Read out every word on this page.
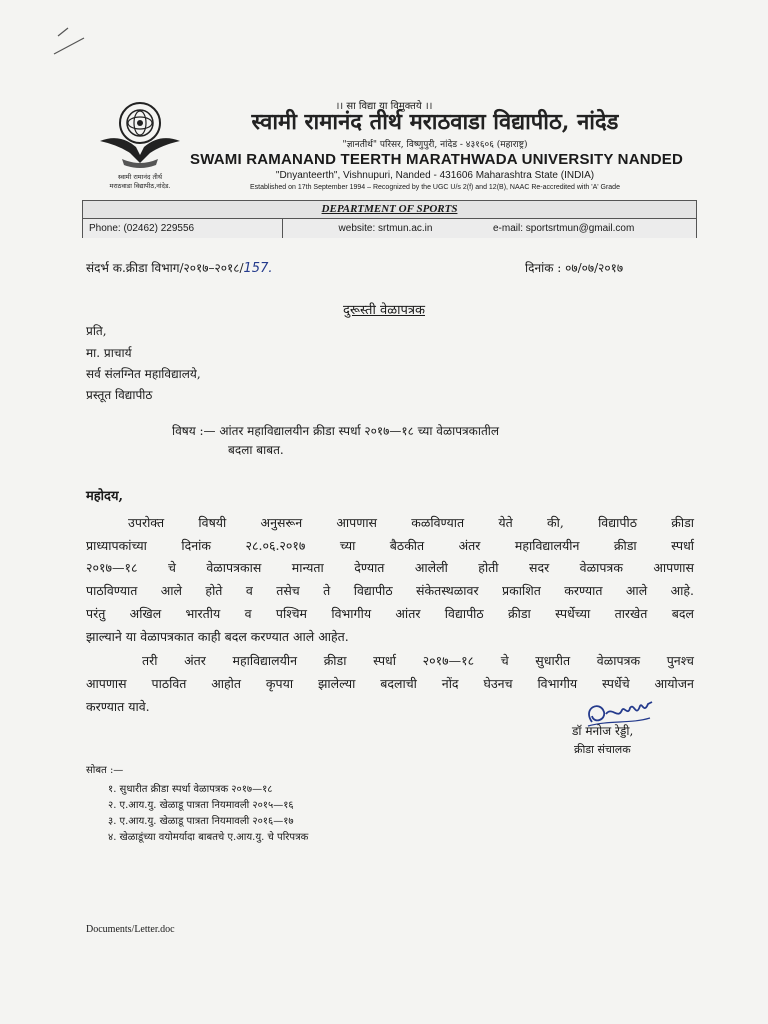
।। सा विद्या या विमुक्तये ।।
स्वामी रामानंद तीर्थ
मराठवाडा विद्यापीठ,नांदेड.
स्वामी रामानंद तीर्थ मराठवाडा विद्यापीठ, नांदेड
"ज्ञानतीर्थ" परिसर, विष्णुपुरी, नांदेड - ४३१६०६ (महाराष्ट्र)
SWAMI RAMANAND TEERTH MARATHWADA UNIVERSITY NANDED
"Dnyanteerth", Vishnupuri, Nanded - 431606 Maharashtra State (INDIA)
Established on 17th September 1994 – Recognized by the UGC U/s 2(f) and 12(B), NAAC Re-accredited with 'A' Grade
DEPARTMENT OF SPORTS
Phone: (02462) 229556	website: srtmun.ac.in	e-mail: sportsrtmun@gmail.com
संदर्भ क.क्रीडा विभाग/२०१७–२०१८/157.	दिनांक : ०७/०७/२०१७
दुरूस्ती वेळापत्रक
प्रति,
मा. प्राचार्य
सर्व संलग्नित महाविद्यालये,
प्रस्तूत विद्यापीठ
विषय :— आंतर महाविद्यालयीन क्रीडा स्पर्धा २०१७—१८ च्या वेळापत्रकातील
बदला बाबत.
महोदय,
उपरोक्त विषयी अनुसरून आपणास कळविण्यात येते की, विद्यापीठ क्रीडा
प्राध्यापकांच्या दिनांक २८.०६.२०१७ च्या बैठकीत अंतर महाविद्यालयीन क्रीडा स्पर्धा
२०१७—१८ चे वेळापत्रकास मान्यता देण्यात आलेली होती सदर वेळापत्रक आपणास
पाठविण्यात आले होते व तसेच ते विद्यापीठ संकेतस्थळावर प्रकाशित करण्यात आले आहे.
परंतु अखिल भारतीय व पश्चिम विभागीय आंतर विद्यापीठ क्रीडा स्पर्धेच्या तारखेत बदल
झाल्याने या वेळापत्रकात काही बदल करण्यात आले आहेत.
तरी अंतर महाविद्यालयीन क्रीडा स्पर्धा २०१७—१८ चे सुधारीत वेळापत्रक पुनश्च
आपणास पाठवित आहोत कृपया झालेल्या बदलाची नोंद घेउनच विभागीय स्पर्धेचे आयोजन
करण्यात यावे.
डॉ मनोज रेड्डी,
क्रीडा संचालक
सोबत :—
१. सुधारीत क्रीडा स्पर्धा वेळापत्रक २०१७—१८
२. ए.आय.यु. खेळाडू पात्रता नियमावली २०१५—१६
३. ए.आय.यु. खेळाडू पात्रता नियमावली २०१६—१७
४. खेळाडूंच्या वयोमर्यादा बाबतचे ए.आय.यु. चे परिपत्रक
Documents/Letter.doc
